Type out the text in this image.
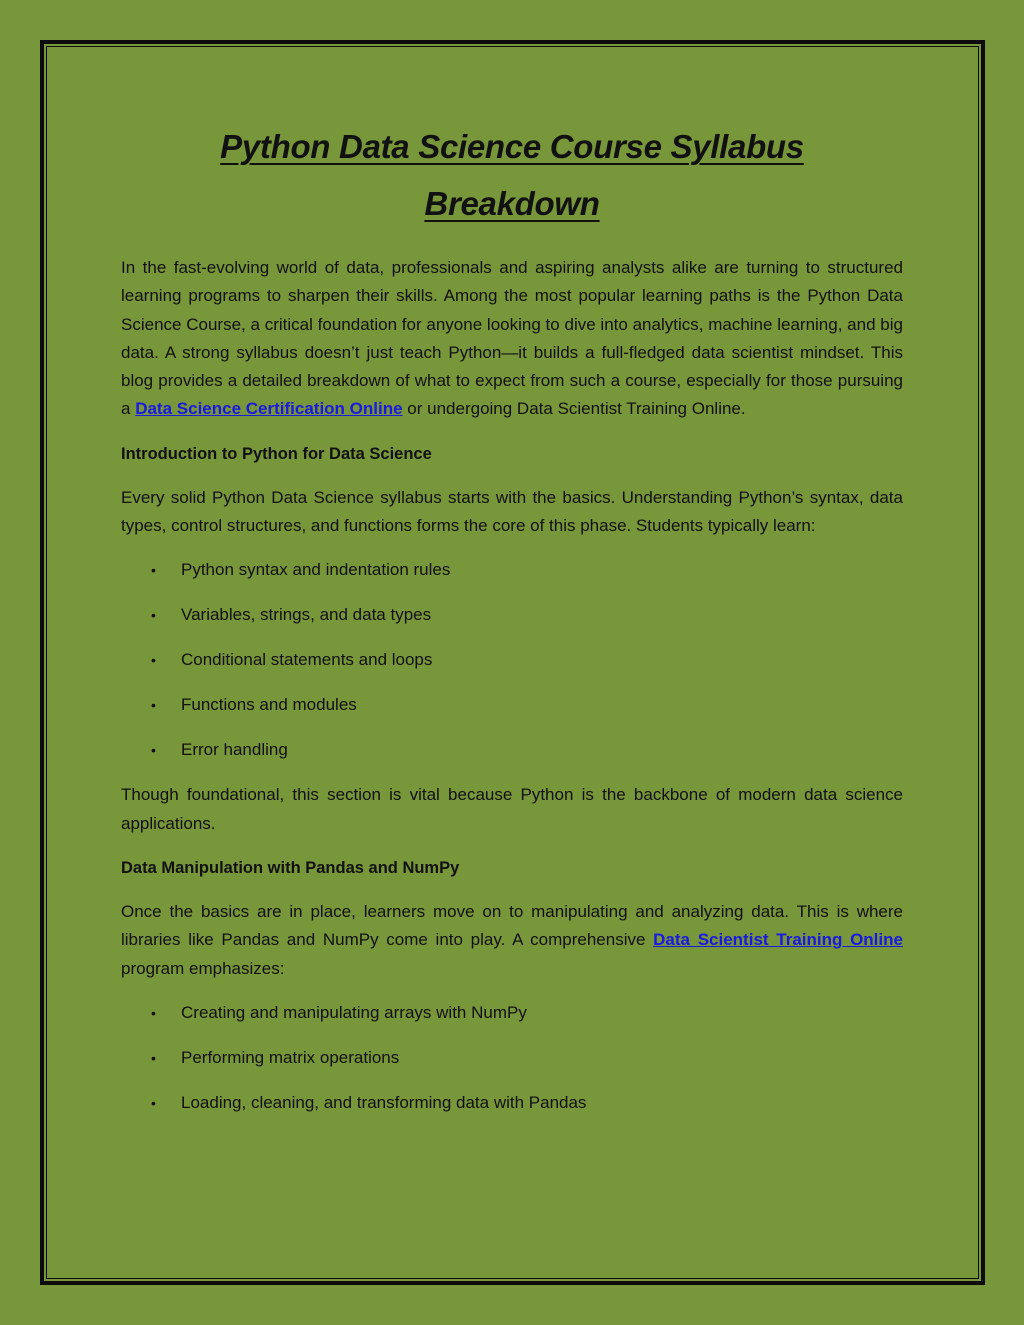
Python Data Science Course Syllabus
Breakdown

In the fast-evolving world of data, professionals and aspiring analysts alike are turning to structured learning programs to sharpen their skills. Among the most popular learning paths is the Python Data Science Course, a critical foundation for anyone looking to dive into analytics, machine learning, and big data. A strong syllabus doesn’t just teach Python—it builds a full-fledged data scientist mindset. This blog provides a detailed breakdown of what to expect from such a course, especially for those pursuing a Data Science Certification Online or undergoing Data Scientist Training Online.

Introduction to Python for Data Science

Every solid Python Data Science syllabus starts with the basics. Understanding Python’s syntax, data types, control structures, and functions forms the core of this phase. Students typically learn:

• Python syntax and indentation rules
• Variables, strings, and data types
• Conditional statements and loops
• Functions and modules
• Error handling

Though foundational, this section is vital because Python is the backbone of modern data science applications.

Data Manipulation with Pandas and NumPy

Once the basics are in place, learners move on to manipulating and analyzing data. This is where libraries like Pandas and NumPy come into play. A comprehensive Data Scientist Training Online program emphasizes:

• Creating and manipulating arrays with NumPy
• Performing matrix operations
• Loading, cleaning, and transforming data with Pandas
